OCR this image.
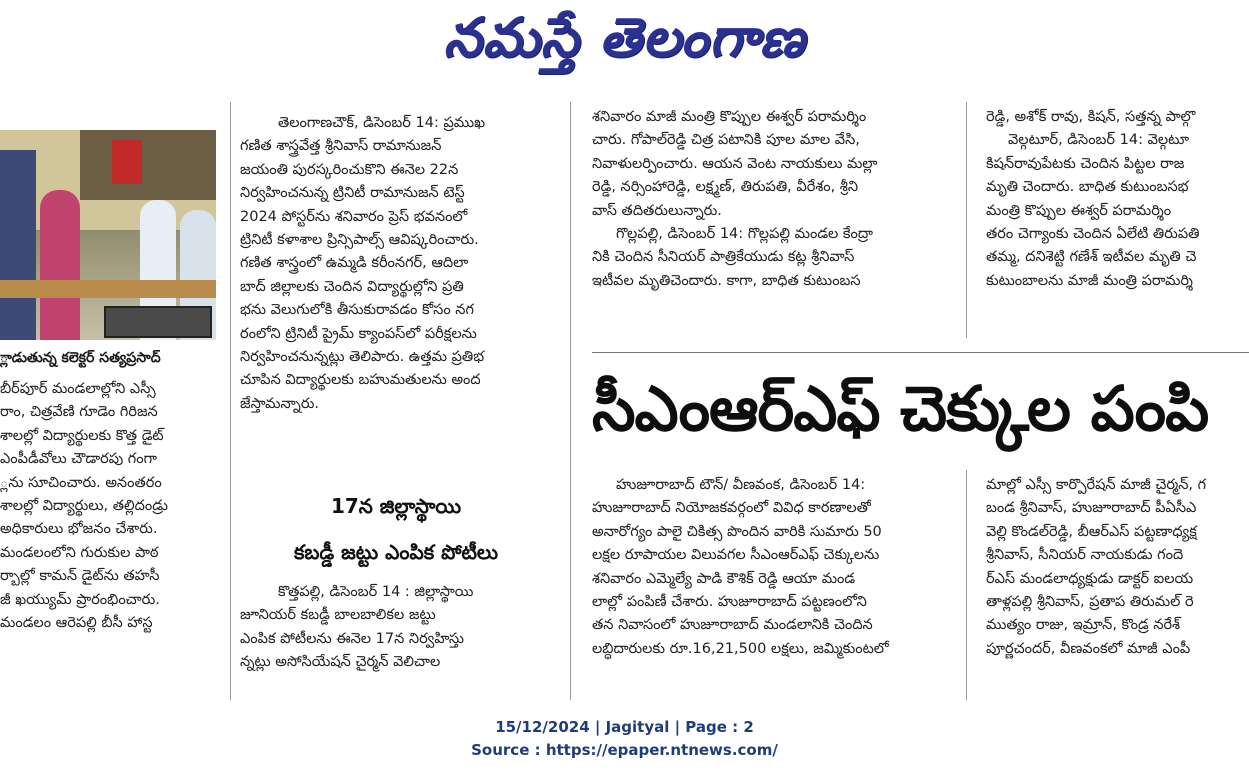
నమస్తే తెలంగాణ
్లాడుతున్న కలెక్టర్ సత్యప్రసాద్

బీర్‌పూర్ మండలాల్లోని ఎస్సీ

రాం, చిత్రవేణి గూడెం గిరిజన

శాలల్లో విద్యార్థులకు కొత్త డైట్

ఎంపీడీవోలు చౌడారపు గంగా

్లను సూచించారు. అనంతరం

శాలల్లో విద్యార్థులు, తల్లిదండ్రు

అధికారులు భోజనం చేశారు.

మండలంలోని గురుకుల పాఠ

ర్బాల్లో కామన్ డైట్‌ను తహసీ

జీ ఖయ్యుమ్ ప్రారంభించారు.

మండలం ఆరెపల్లి బీసీ హాస్ట

తెలంగాణచౌక్, డిసెంబర్ 14: ప్రముఖ

గణిత శాస్త్రవేత్త శ్రీనివాస్ రామానుజన్

జయంతి పురస్కరించుకొని ఈనెల 22న

నిర్వహించనున్న ట్రినిటీ రామానుజన్ టెస్ట్

2024 పోస్టర్‌ను శనివారం ప్రెస్ భవనంలో

ట్రినిటీ కళాశాల ప్రిన్సిపాల్స్ ఆవిష్కరించారు.

గణిత శాస్త్రంలో ఉమ్మడి కరీంనగర్, ఆదిలా

బాద్ జిల్లాలకు చెందిన విద్యార్థుల్లోని ప్రతి

భను వెలుగులోకి తీసుకురావడం కోసం నగ

రంలోని ట్రినిటీ ప్రైమ్ క్యాంపస్‌లో పరీక్షలను

నిర్వహించనున్నట్లు తెలిపారు. ఉత్తమ ప్రతిభ

చూపిన విద్యార్థులకు బహుమతులను అంద

జేస్తామన్నారు.

17న జిల్లాస్థాయి
కబడ్డీ జట్టు ఎంపిక పోటీలు

కొత్తపల్లి, డిసెంబర్ 14 : జిల్లాస్థాయి

జూనియర్ కబడ్డీ బాలబాలికల జట్టు

ఎంపిక పోటీలను ఈనెల 17న నిర్వహిస్తు

న్నట్లు అసోసియేషన్ చైర్మన్ వెలిచాల

శనివారం మాజీ మంత్రి కొప్పుల ఈశ్వర్ పరామర్శిం

చారు. గోపాల్‌రెడ్డి చిత్ర పటానికి పూల మాల వేసి,

నివాళులర్పించారు. ఆయన వెంట నాయకులు మల్లా

రెడ్డి, నర్సింహారెడ్డి, లక్ష్మణ్, తిరుపతి, వీరేశం, శ్రీని

వాస్ తదితరులున్నారు.

గొల్లపల్లి, డిసెంబర్ 14: గొల్లపల్లి మండల కేంద్రా

నికి చెందిన సీనియర్ పాత్రికేయుడు కట్ల శ్రీనివాస్

ఇటీవల మృతిచెందారు. కాగా, బాధిత కుటుంబస

రెడ్డి, అశోక్ రావు, కిషన్, సత్తన్న పాల్గొ

వెల్గటూర్, డిసెంబర్ 14: వెల్గటూ

కిషన్‌రావుపేటకు చెందిన పిట్టల రాజ

మృతి చెందారు. బాధిత కుటుంబసభ

మంత్రి కొప్పుల ఈశ్వర్ పరామర్శిం

తరం చెగ్యాంకు చెందిన ఏలేటి తిరుపతి

తమ్మ, దనిశెట్టి గణేశ్ ఇటీవల మృతి చె

కుటుంబాలను మాజీ మంత్రి పరామర్శి

సీఎంఆర్‌ఎఫ్ చెక్కుల పంపి

హుజూరాబాద్ టౌన్/ వీణవంక, డిసెంబర్ 14:

హుజూరాబాద్ నియోజకవర్గంలో వివిధ కారణాలతో

అనారోగ్యం పాలై చికిత్స పొందిన వారికి సుమారు 50

లక్షల రూపాయల విలువగల సీఎంఆర్‌ఎఫ్ చెక్కులను

శనివారం ఎమ్మెల్యే పాడి కౌశిక్ రెడ్డి ఆయా మండ

లాల్లో పంపిణీ చేశారు. హుజూరాబాద్ పట్టణంలోని

తన నివాసంలో హుజూరాబాద్ మండలానికి చెందిన

లబ్ధిదారులకు రూ.16,21,500 లక్షలు, జమ్మికుంటలో

మాల్లో ఎస్సీ కార్పొరేషన్ మాజీ చైర్మన్, గ

బండ శ్రీనివాస్, హుజూరాబాద్ పీఏసీఎ

వెల్లి కొండల్‌రెడ్డి, బీఆర్‌ఎస్ పట్టణాధ్యక్ష

శ్రీనివాస్, సీనియర్ నాయకుడు గందె

ర్‌ఎస్ మండలాధ్యక్షుడు డాక్టర్ ఐలయ

తాళ్లపల్లి శ్రీనివాస్, ప్రతాప తిరుమల్ రె

ముత్యం రాజు, ఇమ్రాన్, కొండ్ర నరేశ్

పూర్ణచందర్, వీణవంకలో మాజీ ఎంపీ

15/12/2024 | Jagityal | Page : 2
Source : https://epaper.ntnews.com/
